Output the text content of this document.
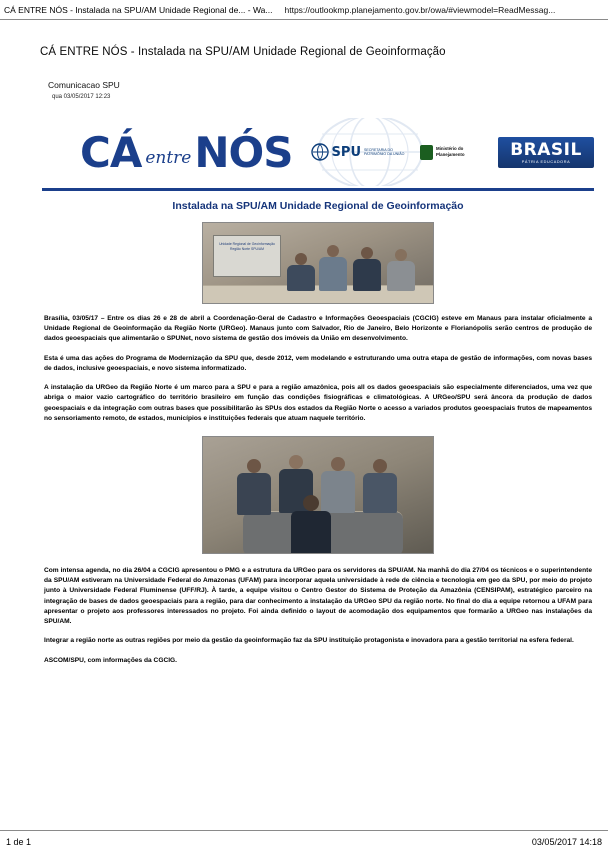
CÁ ENTRE NÓS - Instalada na SPU/AM Unidade Regional de... - Wa... https://outlookmp.planejamento.gov.br/owa/#viewmodel=ReadMessag...
CÁ ENTRE NÓS - Instalada na SPU/AM Unidade Regional de Geoinformação
Comunicacao SPU
qua 03/05/2017 12:23
CÁ entre NÓS	SPU SECRETARIA DO PATRIMÔNIO DA UNIÃO
Ministério do Planejamento	BRASIL
PÁTRIA EDUCADORA
Instalada na SPU/AM Unidade Regional de Geoinformação
Unidade Regional de Geoinformação Região Norte SPU/AM

Brasília, 03/05/17 – Entre os dias 26 e 28 de abril a Coordenação-Geral de Cadastro e Informações Geoespaciais (CGCIG) esteve em Manaus para instalar oficialmente a Unidade Regional de Geoinformação da Região Norte (URGeo). Manaus junto com Salvador, Rio de Janeiro, Belo Horizonte e Florianópolis serão centros de produção de dados geoespaciais que alimentarão o SPUNet, novo sistema de gestão dos imóveis da União em desenvolvimento.

Esta é uma das ações do Programa de Modernização da SPU que, desde 2012, vem modelando e estruturando uma outra etapa de gestão de informações, com novas bases de dados, inclusive geoespaciais, e novo sistema informatizado.

A instalação da URGeo da Região Norte é um marco para a SPU e para a região amazônica, pois all os dados geoespaciais são especialmente diferenciados, uma vez que abriga o maior vazio cartográfico do território brasileiro em função das condições fisiográficas e climatológicas. A URGeo/SPU será âncora da produção de dados geoespaciais e da integração com outras bases que possibilitarão às SPUs dos estados da Região Norte o acesso a variados produtos geoespaciais frutos de mapeamentos no sensoriamento remoto, de estados, municípios e instituições federais que atuam naquele território.

Com intensa agenda, no dia 26/04 a CGCIG apresentou o PMG e a estrutura da URGeo para os servidores da SPU/AM. Na manhã do dia 27/04 os técnicos e o superintendente da SPU/AM estiveram na Universidade Federal do Amazonas (UFAM) para incorporar aquela universidade à rede de ciência e tecnologia em geo da SPU, por meio do projeto junto à Universidade Federal Fluminense (UFF/RJ). À tarde, a equipe visitou o Centro Gestor do Sistema de Proteção da Amazônia (CENSIPAM), estratégico parceiro na integração de bases de dados geoespaciais para a região, para dar conhecimento a instalação da URGeo SPU da região norte. No final do dia a equipe retornou a UFAM para apresentar o projeto aos professores interessados no projeto. Foi ainda definido o layout de acomodação dos equipamentos que formarão a URGeo nas instalações da SPU/AM.

Integrar a região norte as outras regiões por meio da gestão da geoinformação faz da SPU instituição protagonista e inovadora para a gestão territorial na esfera federal.

ASCOM/SPU, com informações da CGCIG.

1 de 1	03/05/2017 14:18
